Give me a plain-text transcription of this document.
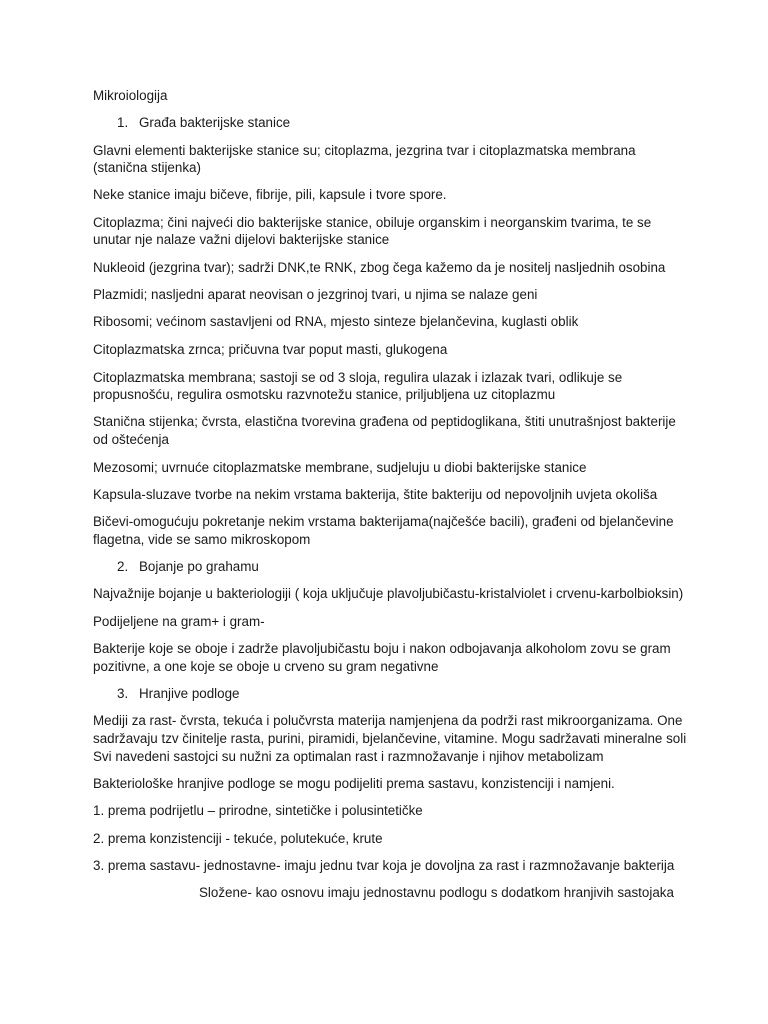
Mikroiologija
1. Građa bakterijske stanice
Glavni elementi bakterijske stanice su; citoplazma, jezgrina tvar i citoplazmatska membrana
(stanična stijenka)
Neke stanice imaju bičeve, fibrije, pili, kapsule i tvore spore.
Citoplazma; čini najveći dio bakterijske stanice, obiluje organskim i neorganskim tvarima, te se
unutar nje nalaze važni dijelovi bakterijske stanice
Nukleoid (jezgrina tvar); sadrži DNK,te RNK, zbog čega kažemo da je nositelj nasljednih osobina
Plazmidi; nasljedni aparat neovisan o jezgrinoj tvari, u njima se nalaze geni
Ribosomi; većinom sastavljeni od RNA, mjesto sinteze bjelančevina, kuglasti oblik
Citoplazmatska zrnca; pričuvna tvar poput masti, glukogena
Citoplazmatska membrana; sastoji se od 3 sloja, regulira ulazak i izlazak tvari, odlikuje se
propusnošću, regulira osmotsku razvnotežu stanice, priljubljena uz citoplazmu
Stanična stijenka; čvrsta, elastična tvorevina građena od peptidoglikana, štiti unutrašnjost bakterije
od oštećenja
Mezosomi; uvrnuće citoplazmatske membrane, sudjeluju u diobi bakterijske stanice
Kapsula-sluzave tvorbe na nekim vrstama bakterija, štite bakteriju od nepovoljnih uvjeta okoliša
Bičevi-omogućuju pokretanje nekim vrstama bakterijama(najčešće bacili), građeni od bjelančevine
flagetna, vide se samo mikroskopom
2. Bojanje po grahamu
Najvažnije bojanje u bakteriologiji ( koja uključuje plavoljubičastu-kristalviolet i crvenu-karbolbioksin)
Podijeljene na gram+ i gram-
Bakterije koje se oboje i zadrže plavoljubičastu boju i nakon odbojavanja alkoholom zovu se gram
pozitivne, a one koje se oboje u crveno su gram negativne
3. Hranjive podloge
Mediji za rast- čvrsta, tekuća i polučvrsta materija namjenjena da podrži rast mikroorganizama. One
sadržavaju tzv činitelje rasta, purini, piramidi, bjelančevine, vitamine. Mogu sadržavati mineralne soli
Svi navedeni sastojci su nužni za optimalan rast i razmnožavanje i njihov metabolizam
Bakteriološke hranjive podloge se mogu podijeliti prema sastavu, konzistenciji i namjeni.
1. prema podrijetlu – prirodne, sintetičke i polusintetičke
2. prema konzistenciji - tekuće, polutekuće, krute
3. prema sastavu- jednostavne- imaju jednu tvar koja je dovoljna za rast i razmnožavanje bakterija
Složene- kao osnovu imaju jednostavnu podlogu s dodatkom hranjivih sastojaka
